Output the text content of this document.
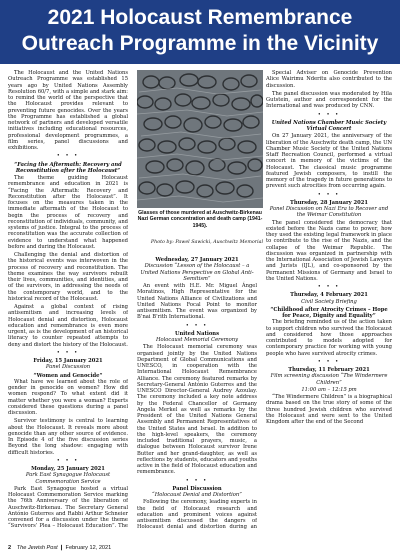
2021 Holocaust Remembrance
Outreach Programme in the Vicinity

The Holocaust and the United Nations Outreach Programme was established 15 years ago by United Nations Assembly Resolution 60/7, with a simple and stark aim: to remind the world of the perspective that the Holocaust provides relevant to preventing future genocides. Over the years the Programme has established a global network of partners and developed versatile initiatives including educational resources, professional development programmes, a film series, panel discussions and exhibitions.

• • •

“Facing the Aftermath: Recovery and Reconstitution after the Holocaust”

The theme guiding Holocaust remembrance and education in 2021 is “Facing the Aftermath: Recovery and Reconstitution after the Holocaust”. It focuses on the measures taken in the immediate aftermath of the Holocaust to begin the process of recovery and reconstitution of individuals, community, and systems of justice. Integral to the process of reconstitution was the accurate collection of evidence to understand what happened before and during the Holocaust.

Challenging the denial and distortion of the historical events was interwoven in the process of recovery and reconstitution. The theme examines the way survivors rebuilt their lives, communities, and identities, and of the survivors, in addressing the needs of the contemporary world, and to the historical record of the Holocaust.

Against a global context of rising antisemitism and increasing levels of Holocaust denial and distortion, Holocaust education and remembrance is even more urgent, as is the development of an historical literacy to counter repeated attempts to deny and distort the history of the Holocaust.

• • •

Friday, 15 January 2021

Panel Discussion

“Women and Genocide”

What have we learned about the role of gender in genocide on women? How did women respond? To what extent did it matter whether you were a woman? Experts considered these questions during a panel discussion.

Survivor testimony is central to learning about the Holocaust. It reveals more about genocide than any other source of evidence. In Episode 4 of the five discussion series Beyond the long shadow: engaging with difficult histories.

• • •

Monday, 25 January 2021

Park East Synagogue Holocaust Commemoration Service

Park East Synagogue hosted a virtual Holocaust Commemoration Service marking the 76th Anniversary of the liberation of Auschwitz-Birkenau. The Secretary General António Guterres and Rabbi Arthur Schneier convened for a discussion under the theme “Survivors’ Plea – Holocaust Education”. The

Glasses of those murdered at Auschwitz-Birkenau Nazi German concentration and death camp (1941-1945).
Photo by: Pawel Sawicki, Auschwitz Memorial

Wednesday, 27 January 2021

Discussion “Lesson of the Holocaust – a United Nations Perspective on Global Anti-Semitism”

An event with H.E. Mr. Miguel Ángel Moratinos, High Representative for the United Nations Alliance of Civilizations and United Nations Focal Point to monitor antisemitism. The event was organized by B’nai B’rith International.

• • •

United Nations

Holocaust Memorial Ceremony

The Holocaust memorial ceremony was organised jointly by the United Nations Department of Global Communications and UNESCO, in cooperation with the International Holocaust Remembrance Alliance. The ceremony featured remarks by Secretary-General António Guterres and the UNESCO Director-General Audrey Azoulay. The ceremony included a key note address by the Federal Chancellor of Germany Angela Merkel as well as remarks by the President of the United Nations General Assembly and Permanent Representatives of the United States and Israel. In addition to the high-level speakers, the ceremony included traditional prayers, music, a dialogue between Holocaust survivor Irene Butter and her grand-daughter, as well as reflections by students, educators and youths active in the field of Holocaust education and remembrance.

• • •

Panel Discussion

“Holocaust Denial and Distortion”

Following the ceremony, leading experts in the field of Holocaust research and education and prominent voices against antisemitism discussed the dangers of Holocaust denial and distortion during an

Special Adviser on Genocide Prevention Alice Wairimu Nderitu also contributed to the discussion.

The panel discussion was moderated by Hila Gutstein, author and correspondent for the International and was produced by CNN.

• • •

United Nations Chamber Music Society Virtual Concert

On 27 January 2021, the anniversary of the liberation of the Auschwitz death camp, the UN Chamber Music Society of the United Nations Staff Recreation Council, performed a virtual concert in memory of the victims of the Holocaust. The classical music programme featured Jewish composers, to instill the memory of the tragedy in future generations to prevent such atrocities from occurring again.

• • •

Thursday, 28 January 2021

Panel Discussion on Nazi Era to Recover and the Weimar Constitution

The panel considered the democracy that existed before the Nazis came to power, how they used the existing legal framework in place to contribute to the rise of the Nazis, and the collapse of the Weimar Republic. The discussion was organized in partnership with the International Association of Jewish Lawyers and Jurists (IJL), and co-sponsored by the Permanent Missions of Germany and Israel to the United Nations.

• • •

Thursday, 4 February 2021

Civil Society Briefing

“Childhood after Atrocity Crimes – Hope for Peace, Dignity and Equality”

The briefing reminded us of the action taken to support children who survived the Holocaust and considered how those approaches contributed to models adopted for contemporary practice for working with young people who have survived atrocity crimes.

• • •

Thursday, 11 February 2021

Film screening discussion “The Windermere Children”

11:00 am – 12:15 pm

“The Windermere Children” is a biographical drama based on the true story of some of the three hundred Jewish children who survived the Holocaust and were sent to the United Kingdom after the end of the Second

2 The Jewish Post ❙ February 12, 2021
